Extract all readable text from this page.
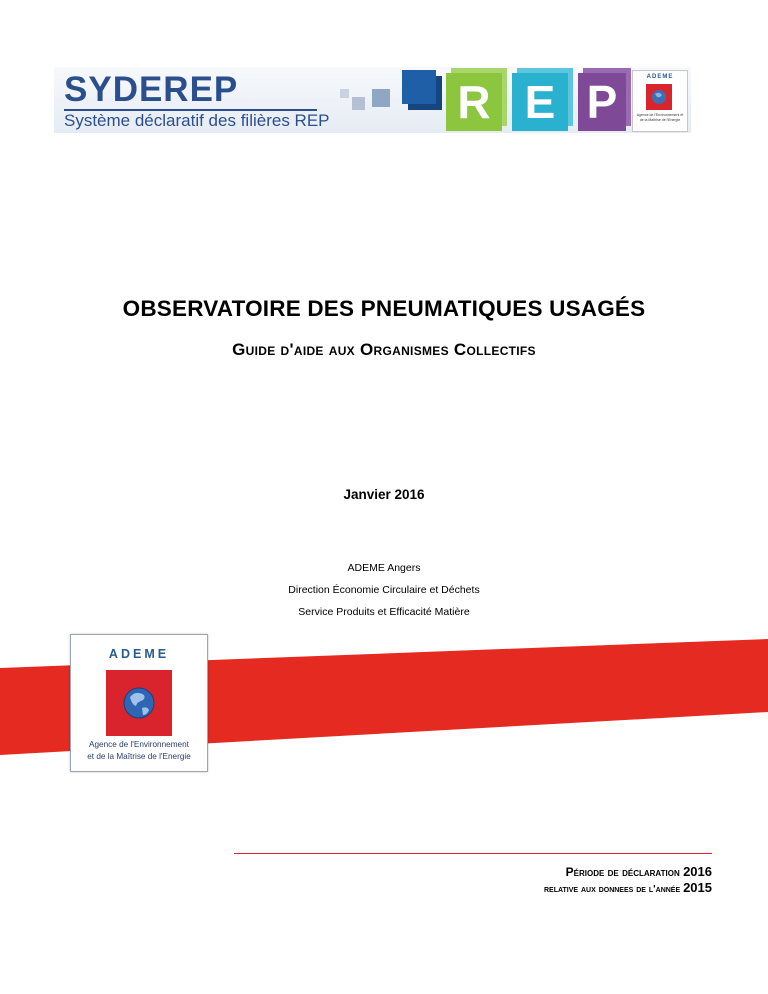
SYDEREP
Système déclaratif des filières REP	R E P	ADEME
Agence de l'Environnement et de la Maîtrise de l'Energie
OBSERVATOIRE DES PNEUMATIQUES USAGÉS
Guide d'aide aux Organismes Collectifs
Janvier 2016
ADEME Angers
Direction Économie Circulaire et Déchets
Service Produits et Efficacité Matière
ADEME
Agence de l'Environnement
et de la Maîtrise de l'Energie
Période de déclaration 2016
relative aux donnees de l'année 2015
